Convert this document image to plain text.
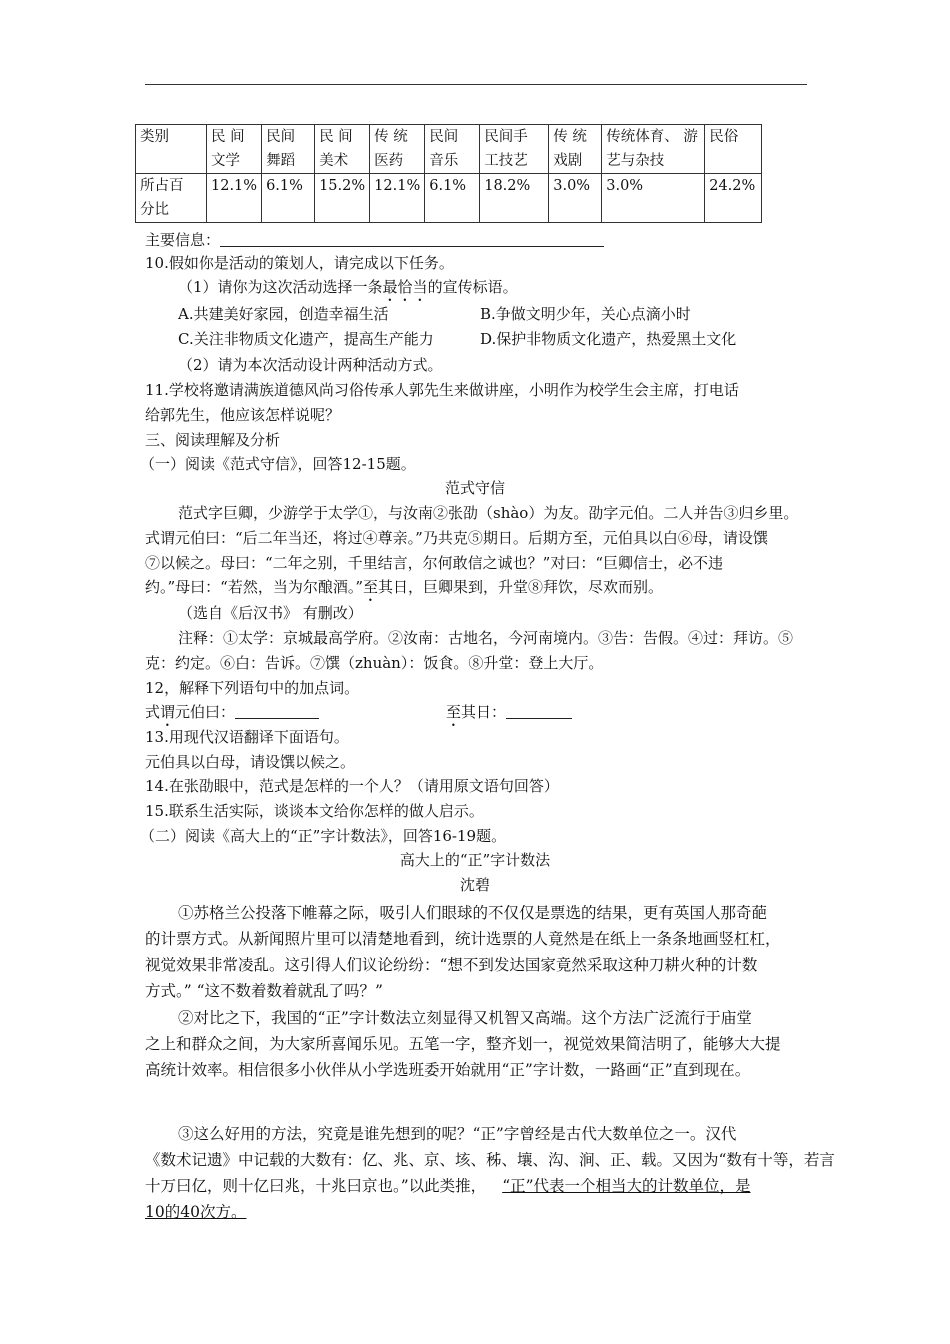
类别	民 间 文学	民间 舞蹈	民 间 美术	传 统 医药	民间 音乐	民间手 工技艺	传 统 戏剧	传统体育、 游艺与杂技	民俗
所占百 分比	12.1%	6.1%	15.2%	12.1%	6.1%	18.2%	3.0%	3.0%	24.2%
主要信息：
10.假如你是活动的策划人，请完成以下任务。
（1）请你为这次活动选择一条最恰当的宣传标语。
A.共建美好家园，创造幸福生活	B.争做文明少年，关心点滴小时
C.关注非物质文化遗产，提高生产能力	D.保护非物质文化遗产，热爱黑土文化
（2）请为本次活动设计两种活动方式。
11.学校将邀请满族道德风尚习俗传承人郭先生来做讲座，小明作为校学生会主席，打电话
给郭先生，他应该怎样说呢？
三、阅读理解及分析
（一）阅读《范式守信》，回答12-15题。
范式守信
范式字巨卿，少游学于太学①，与汝南②张劭（shào）为友。劭字元伯。二人并告③归乡里。
式谓元伯曰：“后二年当还，将过④尊亲。”乃共克⑤期日。后期方至，元伯具以白⑥母，请设馔
⑦以候之。母曰：“二年之别，千里结言，尔何敢信之诚也？”对曰：“巨卿信士，必不违
约。”母曰：“若然，当为尔酿酒。”至其日，巨卿果到，升堂⑧拜饮，尽欢而别。
（选自《后汉书》 有删改）
注释：①太学：京城最高学府。②汝南：古地名，今河南境内。③告：告假。④过：拜访。⑤
克：约定。⑥白：告诉。⑦馔（zhuàn）：饭食。⑧升堂：登上大厅。
12，解释下列语句中的加点词。
式谓元伯曰：	至其日：
13.用现代汉语翻译下面语句。
元伯具以白母，请设馔以候之。
14.在张劭眼中，范式是怎样的一个人？（请用原文语句回答）
15.联系生活实际，谈谈本文给你怎样的做人启示。
（二）阅读《高大上的“正”字计数法》，回答16-19题。
高大上的“正”字计数法
沈碧
①苏格兰公投落下帷幕之际，吸引人们眼球的不仅仅是票选的结果，更有英国人那奇葩
的计票方式。从新闻照片里可以清楚地看到，统计选票的人竟然是在纸上一条条地画竖杠杠，
视觉效果非常凌乱。这引得人们议论纷纷：“想不到发达国家竟然采取这种刀耕火种的计数
方式。” “这不数着数着就乱了吗？”
②对比之下，我国的“正”字计数法立刻显得又机智又高端。这个方法广泛流行于庙堂
之上和群众之间，为大家所喜闻乐见。五笔一字，整齐划一，视觉效果简洁明了，能够大大提
高统计效率。相信很多小伙伴从小学选班委开始就用“正”字计数，一路画“正”直到现在。
③这么好用的方法，究竟是谁先想到的呢？“正”字曾经是古代大数单位之一。汉代
《数术记遗》中记载的大数有：亿、兆、京、垓、秭、壤、沟、涧、正、载。又因为“数有十等，若言
十万曰亿，则十亿曰兆，十兆曰京也。”以此类推， “正”代表一个相当大的计数单位，是
10的40次方。
